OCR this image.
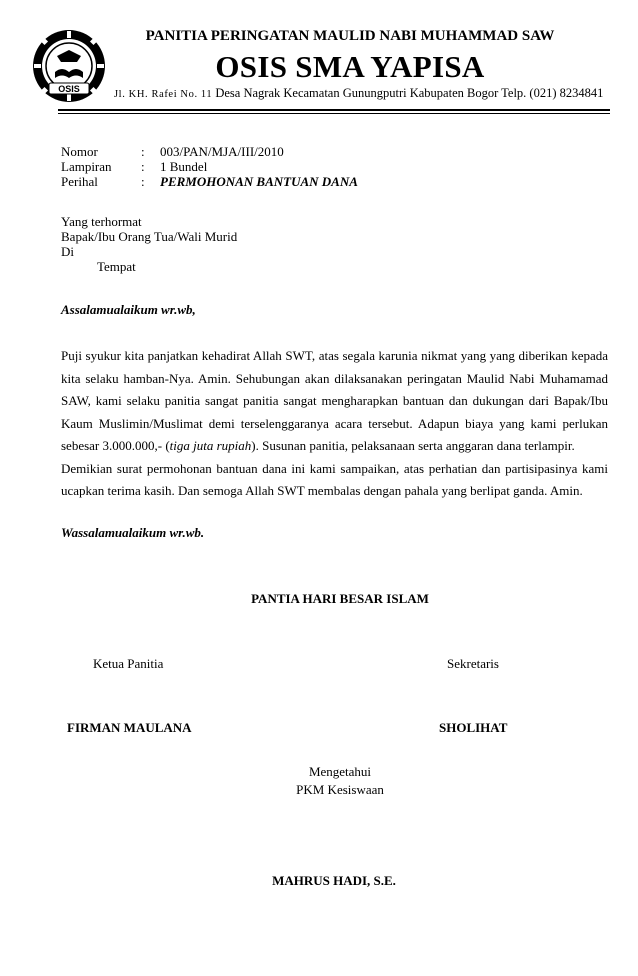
OSIS
PANITIA PERINGATAN MAULID NABI MUHAMMAD SAW
OSIS SMA YAPISA
Jl. KH. Rafei No. 11 Desa Nagrak Kecamatan Gunungputri Kabupaten Bogor Telp. (021) 8234841
Nomor	: 003/PAN/MJA/III/2010
Lampiran : 1 Bundel
Perihal	: PERMOHONAN BANTUAN DANA
Yang terhormat
Bapak/Ibu Orang Tua/Wali Murid
Di
Tempat
Assalamualaikum wr.wb,

Puji syukur kita panjatkan kehadirat Allah SWT, atas segala karunia nikmat yang yang diberikan kepada kita selaku hamban-Nya. Amin. Sehubungan akan dilaksanakan peringatan Maulid Nabi Muhamamad SAW, kami selaku panitia sangat panitia sangat mengharapkan bantuan dan dukungan dari Bapak/Ibu Kaum Muslimin/Muslimat demi terselenggaranya acara tersebut. Adapun biaya yang kami perlukan sebesar 3.000.000,- (tiga juta rupiah). Susunan panitia, pelaksanaan serta anggaran dana terlampir.

Demikian surat permohonan bantuan dana ini kami sampaikan, atas perhatian dan partisipasinya kami ucapkan terima kasih. Dan semoga Allah SWT membalas dengan pahala yang berlipat ganda. Amin.

Wassalamualaikum wr.wb.
PANTIA HARI BESAR ISLAM
Ketua Panitia	Sekretaris
FIRMAN MAULANA	SHOLIHAT
Mengetahui
PKM Kesiswaan
MAHRUS HADI, S.E.
